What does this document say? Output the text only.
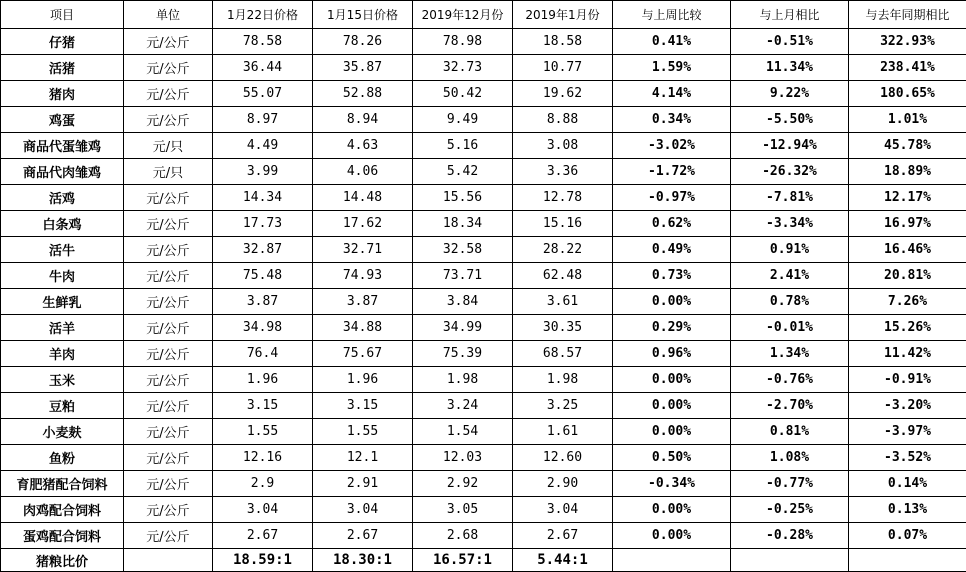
项目	单位	1月22日价格	1月15日价格	2019年12月份	2019年1月份	与上周比较	与上月相比	与去年同期相比
仔猪	元/公斤	78.58	78.26	78.98	18.58	0.41%	-0.51%	322.93%
活猪	元/公斤	36.44	35.87	32.73	10.77	1.59%	11.34%	238.41%
猪肉	元/公斤	55.07	52.88	50.42	19.62	4.14%	9.22%	180.65%
鸡蛋	元/公斤	8.97	8.94	9.49	8.88	0.34%	-5.50%	1.01%
商品代蛋雏鸡	元/只	4.49	4.63	5.16	3.08	-3.02%	-12.94%	45.78%
商品代肉雏鸡	元/只	3.99	4.06	5.42	3.36	-1.72%	-26.32%	18.89%
活鸡	元/公斤	14.34	14.48	15.56	12.78	-0.97%	-7.81%	12.17%
白条鸡	元/公斤	17.73	17.62	18.34	15.16	0.62%	-3.34%	16.97%
活牛	元/公斤	32.87	32.71	32.58	28.22	0.49%	0.91%	16.46%
牛肉	元/公斤	75.48	74.93	73.71	62.48	0.73%	2.41%	20.81%
生鲜乳	元/公斤	3.87	3.87	3.84	3.61	0.00%	0.78%	7.26%
活羊	元/公斤	34.98	34.88	34.99	30.35	0.29%	-0.01%	15.26%
羊肉	元/公斤	76.4	75.67	75.39	68.57	0.96%	1.34%	11.42%
玉米	元/公斤	1.96	1.96	1.98	1.98	0.00%	-0.76%	-0.91%
豆粕	元/公斤	3.15	3.15	3.24	3.25	0.00%	-2.70%	-3.20%
小麦麸	元/公斤	1.55	1.55	1.54	1.61	0.00%	0.81%	-3.97%
鱼粉	元/公斤	12.16	12.1	12.03	12.60	0.50%	1.08%	-3.52%
育肥猪配合饲料	元/公斤	2.9	2.91	2.92	2.90	-0.34%	-0.77%	0.14%
肉鸡配合饲料	元/公斤	3.04	3.04	3.05	3.04	0.00%	-0.25%	0.13%
蛋鸡配合饲料	元/公斤	2.67	2.67	2.68	2.67	0.00%	-0.28%	0.07%
猪粮比价		18.59:1	18.30:1	16.57:1	5.44:1			
